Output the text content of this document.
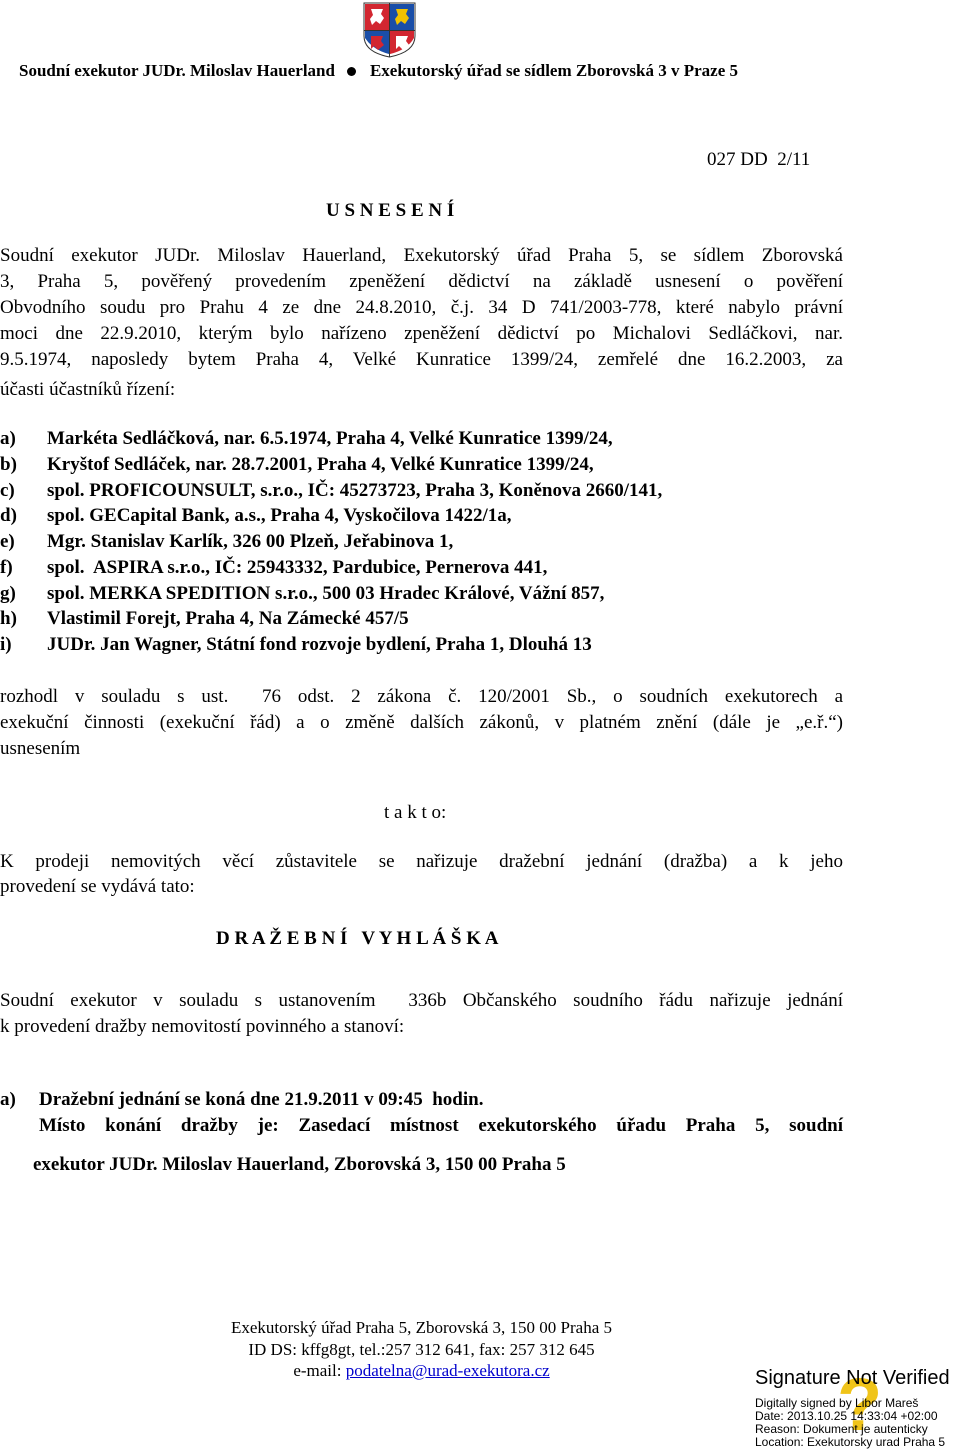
Soudní exekutor JUDr. Miloslav Hauerland Exekutorský úřad se sídlem Zborovská 3 v Praze 5
027 DD  2/11
U S N E S E N Í
Soudní exekutor JUDr. Miloslav Hauerland, Exekutorský úřad Praha 5, se sídlem Zborovská
3, Praha 5, pověřený provedením zpeněžení dědictví na základě usnesení o pověření
Obvodního soudu pro Prahu 4 ze dne 24.8.2010, č.j. 34 D 741/2003-778, které nabylo právní
moci dne 22.9.2010, kterým bylo nařízeno zpeněžení dědictví po Michalovi Sedláčkovi, nar.
9.5.1974, naposledy bytem Praha 4, Velké Kunratice 1399/24, zemřelé dne 16.2.2003, za
účasti účastníků řízení:
a) Markéta Sedláčková, nar. 6.5.1974, Praha 4, Velké Kunratice 1399/24,
b) Kryštof Sedláček, nar. 28.7.2001, Praha 4, Velké Kunratice 1399/24,
c) spol. PROFICOUNSULT, s.r.o., IČ: 45273723, Praha 3, Koněnova 2660/141,
d) spol. GECapital Bank, a.s., Praha 4, Vyskočilova 1422/1a,
e) Mgr. Stanislav Karlík, 326 00 Plzeň, Jeřabinova 1,
f) spol.  ASPIRA s.r.o., IČ: 25943332, Pardubice, Pernerova 441,
g) spol. MERKA SPEDITION s.r.o., 500 03 Hradec Králové, Vážní 857,
h) Vlastimil Forejt, Praha 4, Na Zámecké 457/5
i) JUDr. Jan Wagner, Státní fond rozvoje bydlení, Praha 1, Dlouhá 13
rozhodl v souladu s ust.  76 odst. 2 zákona č. 120/2001 Sb., o soudních exekutorech a
exekuční činnosti (exekuční řád) a o změně dalších zákonů, v platném znění (dále je „e.ř.“)
usnesením
t a k t o:
K prodeji nemovitých věcí zůstavitele se nařizuje dražební jednání (dražba) a k jeho
provedení se vydává tato:
D R A Ž E B N Í   V Y H L Á Š K A
Soudní exekutor v souladu s ustanovením  336b Občanského soudního řádu nařizuje jednání
k provedení dražby nemovitostí povinného a stanoví:
a) Dražební jednání se koná dne 21.9.2011 v 09:45  hodin.
Místo konání dražby je: Zasedací místnost exekutorského úřadu Praha 5, soudní
exekutor JUDr. Miloslav Hauerland, Zborovská 3, 150 00 Praha 5
Exekutorský úřad Praha 5, Zborovská 3, 150 00 Praha 5
ID DS: kffg8gt, tel.:257 312 641, fax: 257 312 645
e-mail: podatelna@urad-exekutora.cz	?
Signature Not Verified
Digitally signed by Libor Mareš
Date: 2013.10.25 14:33:04 +02:00
Reason: Dokument je autenticky
Location: Exekutorsky urad Praha 5
